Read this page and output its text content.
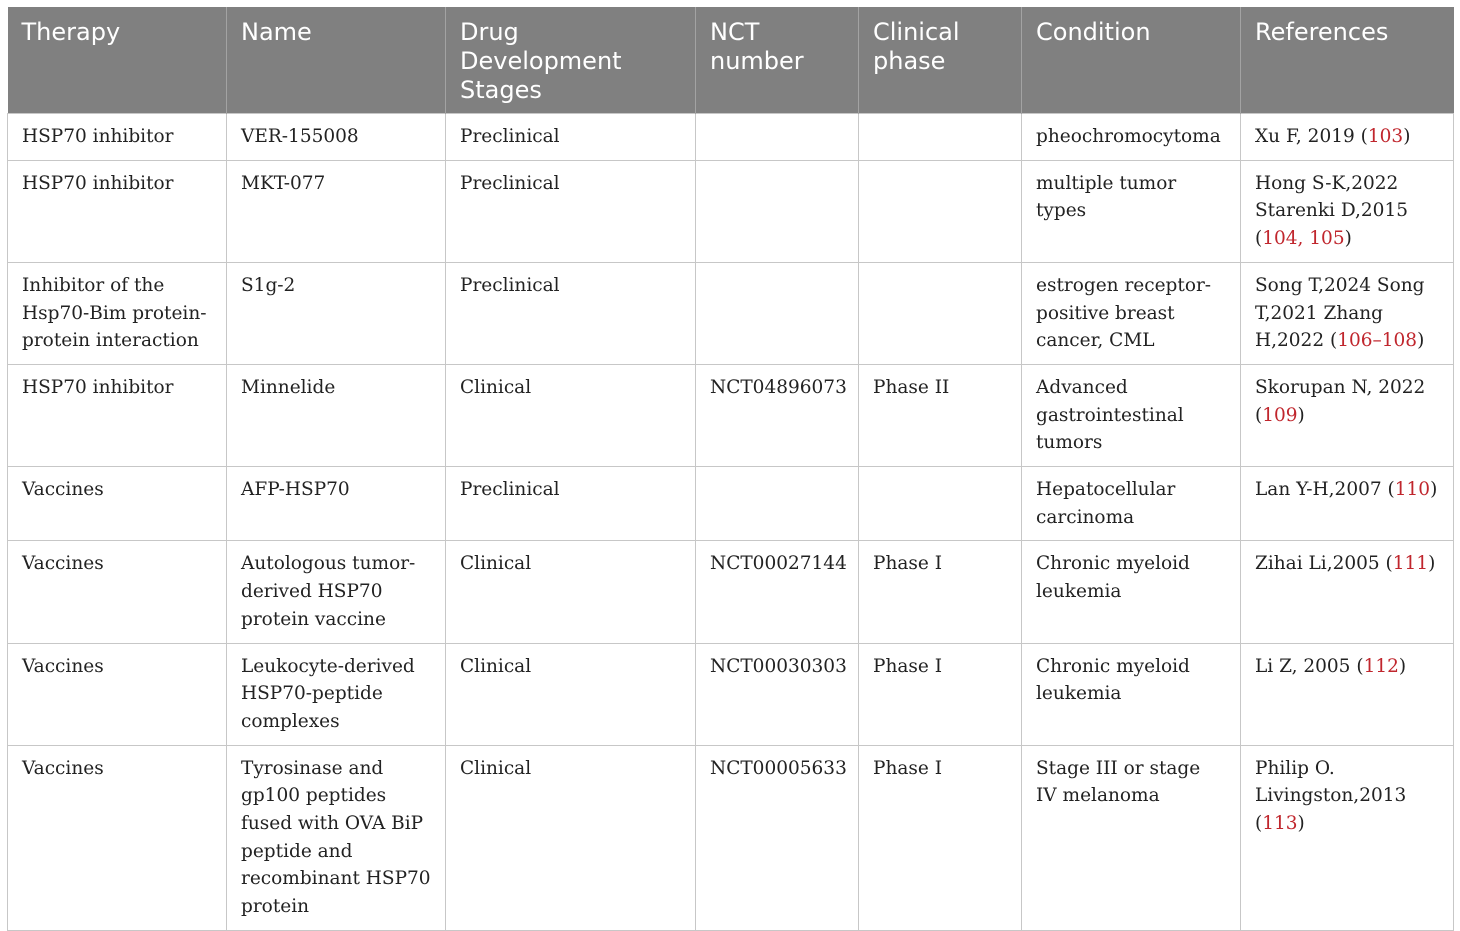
Therapy	Name	Drug Development Stages	NCT number	Clinical phase	Condition	References
HSP70 inhibitor	VER-155008	Preclinical			pheochromocytoma	Xu F, 2019 (103)
HSP70 inhibitor	MKT-077	Preclinical			multiple tumor types	Hong S-K,2022 Starenki D,2015 (104, 105)
Inhibitor of the Hsp70-Bim protein-protein interaction	S1g-2	Preclinical			estrogen receptor-positive breast cancer, CML	Song T,2024 Song T,2021 Zhang H,2022 (106–108)
HSP70 inhibitor	Minnelide	Clinical	NCT04896073	Phase II	Advanced gastrointestinal tumors	Skorupan N, 2022 (109)
Vaccines	AFP-HSP70	Preclinical			Hepatocellular carcinoma	Lan Y-H,2007 (110)
Vaccines	Autologous tumor-derived HSP70 protein vaccine	Clinical	NCT00027144	Phase I	Chronic myeloid leukemia	Zihai Li,2005 (111)
Vaccines	Leukocyte-derived HSP70-peptide complexes	Clinical	NCT00030303	Phase I	Chronic myeloid leukemia	Li Z, 2005 (112)
Vaccines	Tyrosinase and gp100 peptides fused with OVA BiP peptide and recombinant HSP70 protein	Clinical	NCT00005633	Phase I	Stage III or stage IV melanoma	Philip O. Livingston,2013 (113)
